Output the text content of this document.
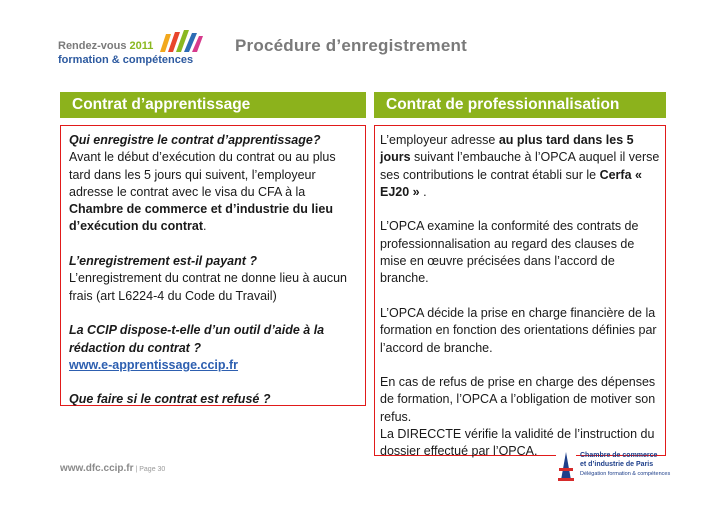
Rendez-vous 2011
formation & compétences
Procédure d’enregistrement
Contrat d’apprentissage	Contrat de professionnalisation

Qui enregistre le contrat d’apprentissage?

Avant le début d’exécution du contrat ou au plus tard dans les 5 jours qui suivent, l’employeur adresse le contrat avec le visa du CFA à la Chambre de commerce et d’industrie du lieu d’exécution du contrat.

L’enregistrement est-il payant ?

L’enregistrement du contrat ne donne lieu à aucun frais (art L6224-4 du Code du Travail)

La CCIP dispose-t-elle d’un outil d’aide à la rédaction du contrat ?

www.e-apprentissage.ccip.fr

Que faire si le contrat est refusé ?

L’employeur adresse au plus tard dans les 5 jours suivant l’embauche à l’OPCA auquel il verse ses contributions le contrat établi sur le Cerfa « EJ20 » .

L’OPCA examine la conformité des contrats de professionnalisation au regard des clauses de mise en œuvre précisées dans l’accord de branche.

L’OPCA décide la prise en charge financière de la formation en fonction des orientations définies par l’accord de branche.

En cas de refus de prise en charge des dépenses de formation, l’OPCA a l’obligation de motiver son refus.

La DIRECCTE vérifie la validité de l’instruction du dossier effectué par l’OPCA.

www.dfc.ccip.fr | Page 30
Chambre de commerce
et d’industrie de Paris
Délégation formation & compétences
